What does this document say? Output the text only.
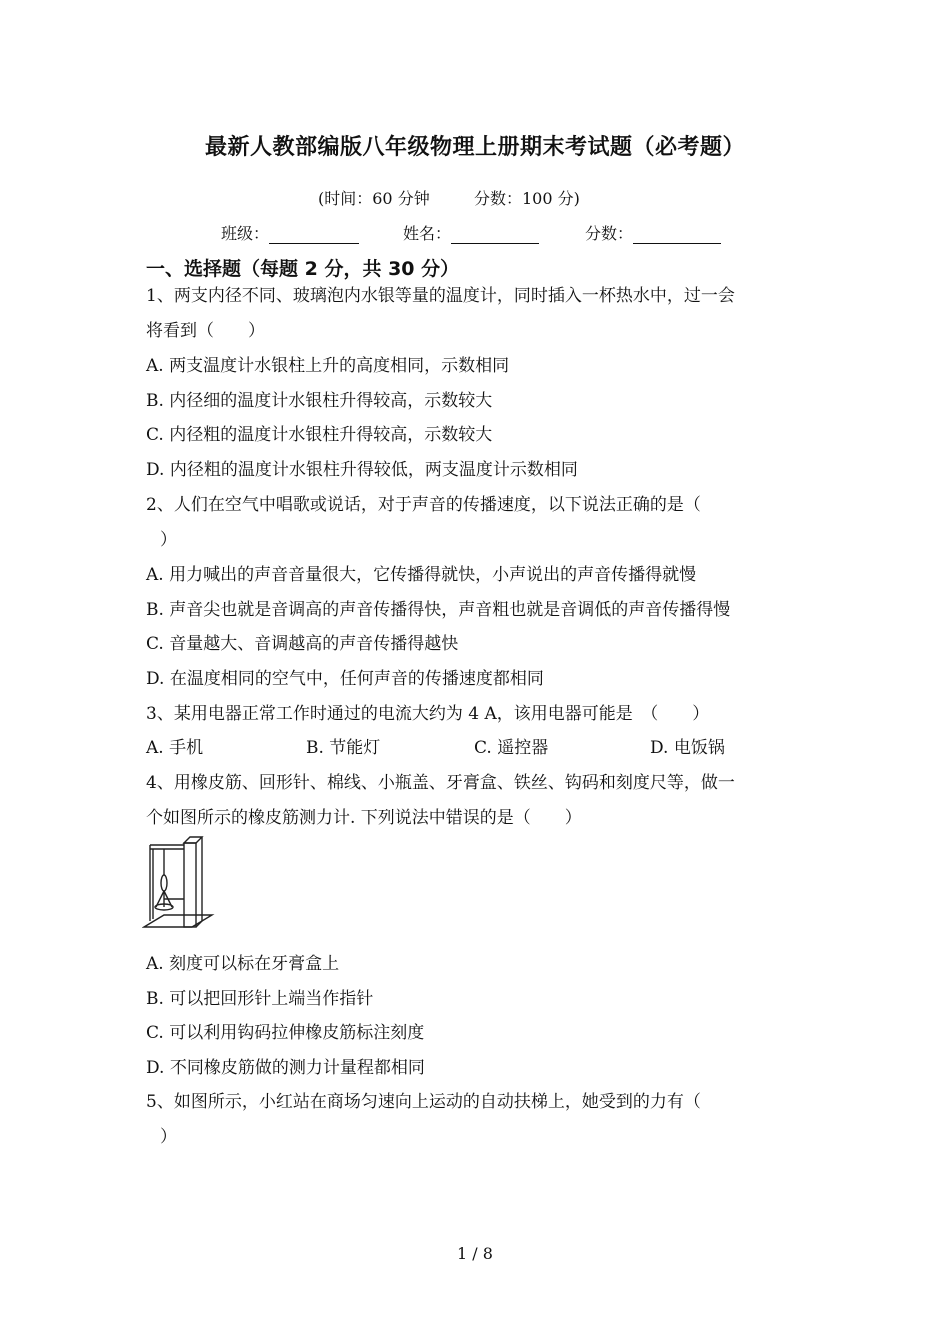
最新人教部编版八年级物理上册期末考试题（必考题）
(时间：60 分钟	分数：100 分)
班级：	姓名：	分数：
一、选择题（每题 2 分，共 30 分）
1、两支内径不同、玻璃泡内水银等量的温度计，同时插入一杯热水中，过一会
将看到（　　）
A. 两支温度计水银柱上升的高度相同，示数相同
B. 内径细的温度计水银柱升得较高，示数较大
C. 内径粗的温度计水银柱升得较高，示数较大
D. 内径粗的温度计水银柱升得较低，两支温度计示数相同
2、人们在空气中唱歌或说话，对于声音的传播速度，以下说法正确的是（
）
A. 用力喊出的声音音量很大，它传播得就快，小声说出的声音传播得就慢
B. 声音尖也就是音调高的声音传播得快，声音粗也就是音调低的声音传播得慢
C. 音量越大、音调越高的声音传播得越快
D. 在温度相同的空气中，任何声音的传播速度都相同
3、某用电器正常工作时通过的电流大约为 4 A，该用电器可能是　（　　）
A. 手机	B. 节能灯	C. 遥控器	D. 电饭锅
4、用橡皮筋、回形针、棉线、小瓶盖、牙膏盒、铁丝、钩码和刻度尺等，做一
个如图所示的橡皮筋测力计. 下列说法中错误的是（　　）
A. 刻度可以标在牙膏盒上
B. 可以把回形针上端当作指针
C. 可以利用钩码拉伸橡皮筋标注刻度
D. 不同橡皮筋做的测力计量程都相同
5、如图所示，小红站在商场匀速向上运动的自动扶梯上，她受到的力有（
）
1 / 8
